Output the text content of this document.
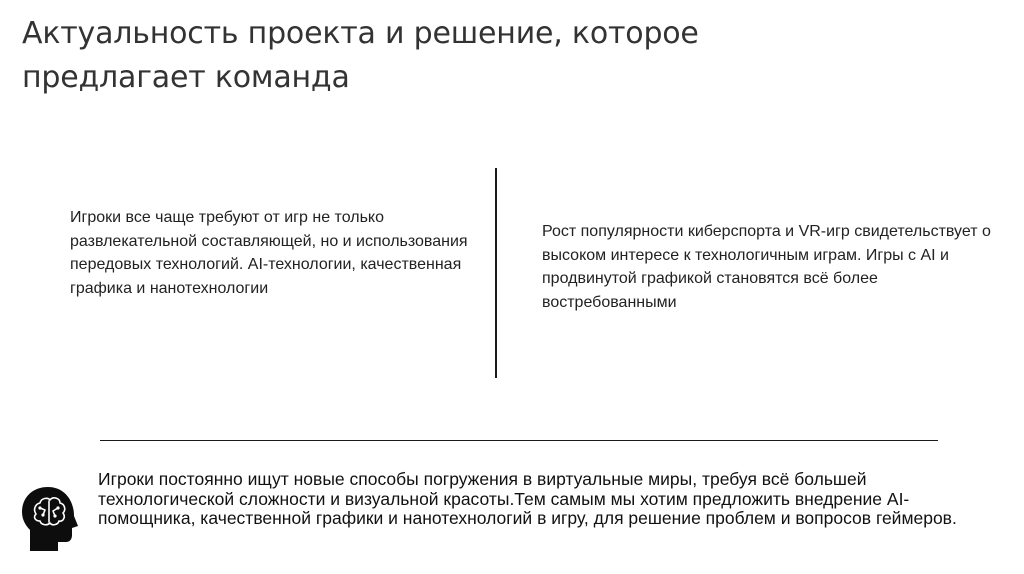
Актуальность проекта и решение, которое предлагает команда

Игроки все чаще требуют от игр не только развлекательной составляющей, но и использования передовых технологий. AI-технологии, качественная графика и нанотехнологии

Рост популярности киберспорта и VR-игр свидетельствует о высоком интересе к технологичным играм. Игры с AI и продвинутой графикой становятся всё более востребованными

Игроки постоянно ищут новые способы погружения в виртуальные миры, требуя всё большей технологической сложности и визуальной красоты.Тем самым мы хотим предложить внедрение AI-помощника, качественной графики и нанотехнологий в игру, для решение проблем и вопросов геймеров.
